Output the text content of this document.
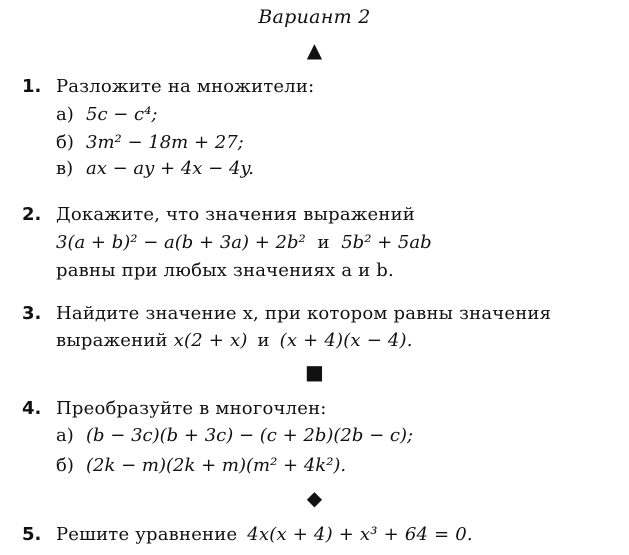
Вариант 2
▲
1. Разложите на множители:
а) 5c − c⁴;
б) 3m² − 18m + 27;
в) ax − ay + 4x − 4y.
2. Докажите, что значения выражений
3(a + b)² − a(b + 3a) + 2b² и 5b² + 5ab
равны при любых значениях a и b.
3. Найдите значение x, при котором равны значения
выражений x(2 + x) и (x + 4)(x − 4).
■
4. Преобразуйте в многочлен:
а) (b − 3c)(b + 3c) − (c + 2b)(2b − c);
б) (2k − m)(2k + m)(m² + 4k²).
◆
5. Решите уравнение 4x(x + 4) + x³ + 64 = 0.
